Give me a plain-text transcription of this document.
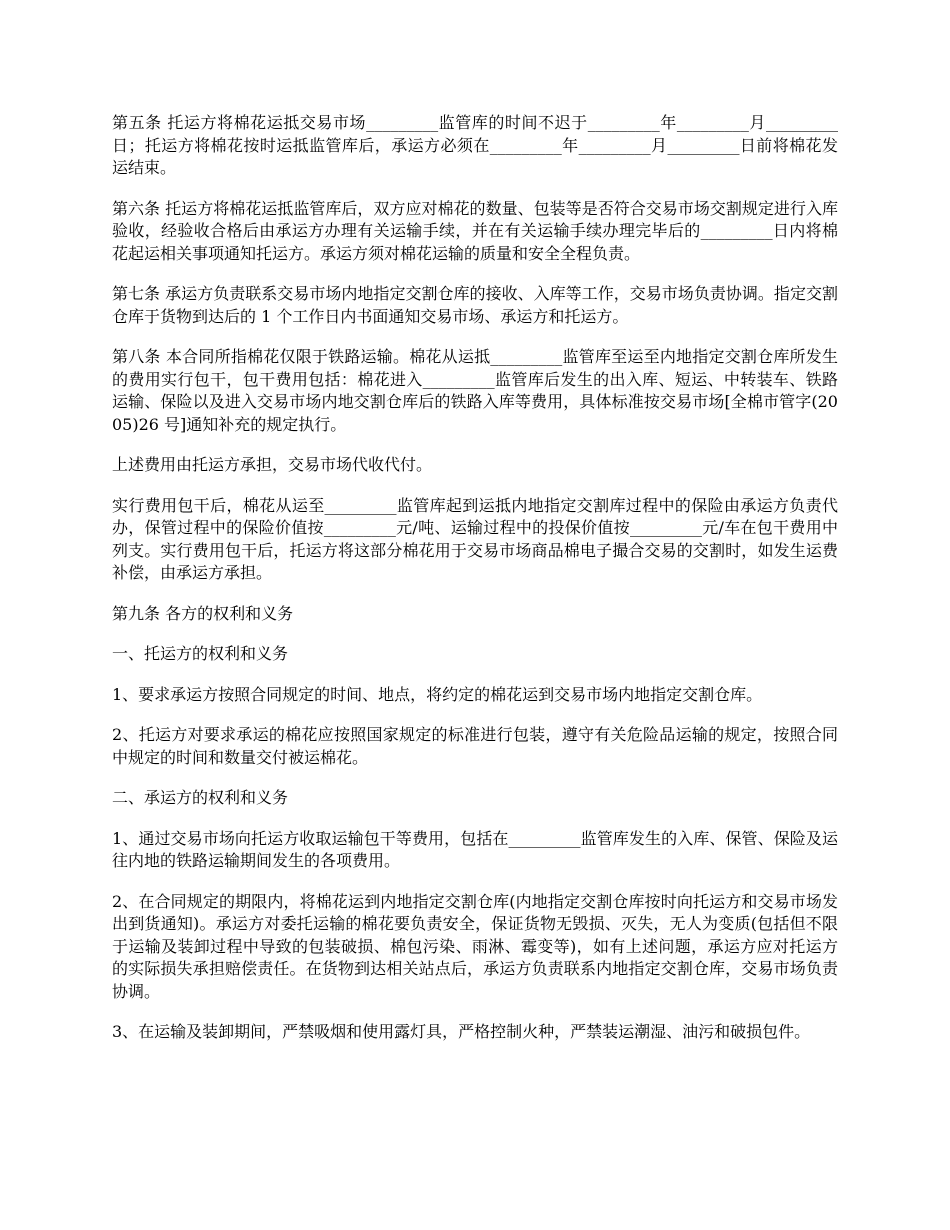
第五条 托运方将棉花运抵交易市场_________监管库的时间不迟于_________年_________月_________日；托运方将棉花按时运抵监管库后，承运方必须在_________年_________月_________日前将棉花发运结束。

第六条 托运方将棉花运抵监管库后，双方应对棉花的数量、包装等是否符合交易市场交割规定进行入库验收，经验收合格后由承运方办理有关运输手续，并在有关运输手续办理完毕后的_________日内将棉花起运相关事项通知托运方。承运方须对棉花运输的质量和安全全程负责。

第七条 承运方负责联系交易市场内地指定交割仓库的接收、入库等工作，交易市场负责协调。指定交割仓库于货物到达后的 1 个工作日内书面通知交易市场、承运方和托运方。

第八条 本合同所指棉花仅限于铁路运输。棉花从运抵_________监管库至运至内地指定交割仓库所发生的费用实行包干，包干费用包括：棉花进入_________监管库后发生的出入库、短运、中转装车、铁路运输、保险以及进入交易市场内地交割仓库后的铁路入库等费用，具体标准按交易市场[全棉市管字(2005)26 号]通知补充的规定执行。

上述费用由托运方承担，交易市场代收代付。

实行费用包干后，棉花从运至_________监管库起到运抵内地指定交割库过程中的保险由承运方负责代办，保管过程中的保险价值按_________元/吨、运输过程中的投保价值按_________元/车在包干费用中列支。实行费用包干后，托运方将这部分棉花用于交易市场商品棉电子撮合交易的交割时，如发生运费补偿，由承运方承担。

第九条 各方的权利和义务

一、托运方的权利和义务

1、要求承运方按照合同规定的时间、地点，将约定的棉花运到交易市场内地指定交割仓库。

2、托运方对要求承运的棉花应按照国家规定的标准进行包装，遵守有关危险品运输的规定，按照合同中规定的时间和数量交付被运棉花。

二、承运方的权利和义务

1、通过交易市场向托运方收取运输包干等费用，包括在_________监管库发生的入库、保管、保险及运往内地的铁路运输期间发生的各项费用。

2、在合同规定的期限内，将棉花运到内地指定交割仓库(内地指定交割仓库按时向托运方和交易市场发出到货通知)。承运方对委托运输的棉花要负责安全，保证货物无毁损、灭失，无人为变质(包括但不限于运输及装卸过程中导致的包装破损、棉包污染、雨淋、霉变等)，如有上述问题，承运方应对托运方的实际损失承担赔偿责任。在货物到达相关站点后，承运方负责联系内地指定交割仓库，交易市场负责协调。

3、在运输及装卸期间，严禁吸烟和使用露灯具，严格控制火种，严禁装运潮湿、油污和破损包件。
